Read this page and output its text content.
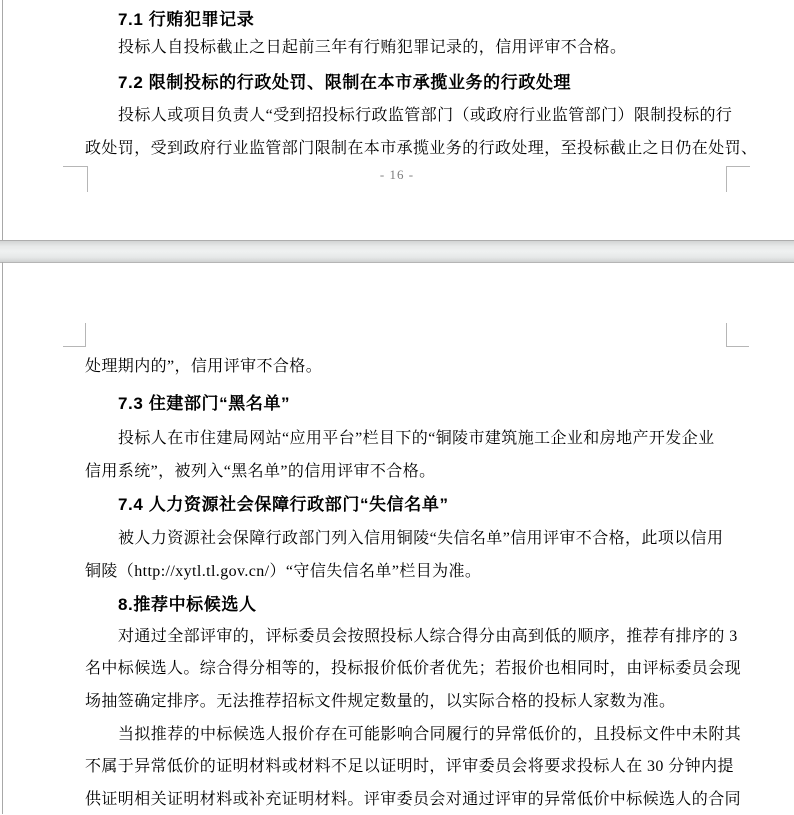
7.1 行贿犯罪记录
投标人自投标截止之日起前三年有行贿犯罪记录的，信用评审不合格。
7.2 限制投标的行政处罚、限制在本市承揽业务的行政处理
投标人或项目负责人“受到招投标行政监管部门（或政府行业监管部门）限制投标的行
政处罚，受到政府行业监管部门限制在本市承揽业务的行政处理，至投标截止之日仍在处罚、
- 16 -
处理期内的”，信用评审不合格。
7.3 住建部门“黑名单”
投标人在市住建局网站“应用平台”栏目下的“铜陵市建筑施工企业和房地产开发企业
信用系统”，被列入“黑名单”的信用评审不合格。
7.4 人力资源社会保障行政部门“失信名单”
被人力资源社会保障行政部门列入信用铜陵“失信名单”信用评审不合格，此项以信用
铜陵（http://xytl.tl.gov.cn/）“守信失信名单”栏目为准。
8.推荐中标候选人
对通过全部评审的，评标委员会按照投标人综合得分由高到低的顺序，推荐有排序的 3
名中标候选人。综合得分相等的，投标报价低价者优先；若报价也相同时，由评标委员会现
场抽签确定排序。无法推荐招标文件规定数量的，以实际合格的投标人家数为准。
当拟推荐的中标候选人报价存在可能影响合同履行的异常低价的，且投标文件中未附其
不属于异常低价的证明材料或材料不足以证明时，评审委员会将要求投标人在 30 分钟内提
供证明相关证明材料或补充证明材料。评审委员会对通过评审的异常低价中标候选人的合同
